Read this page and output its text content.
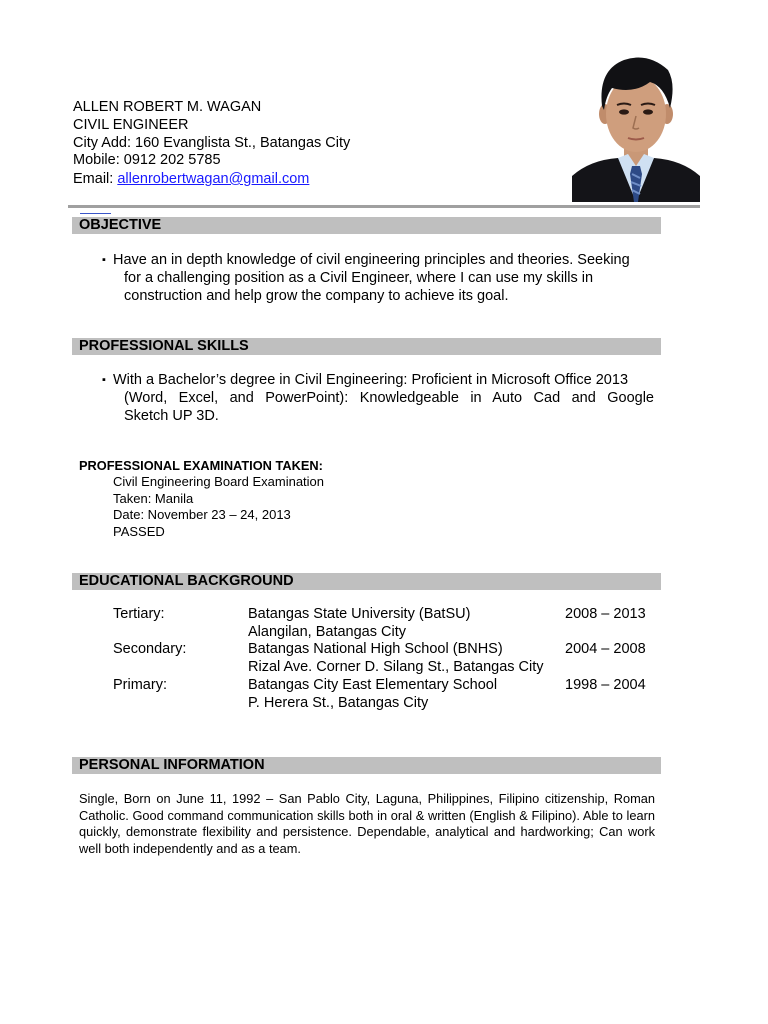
ALLEN ROBERT M. WAGAN
CIVIL ENGINEER
City Add: 160 Evanglista St., Batangas City
Mobile: 0912 202 5785
Email: allenrobertwagan@gmail.com
OBJECTIVE
▪ Have an in depth knowledge of civil engineering principles and theories. Seeking
for a challenging position as a Civil Engineer, where I can use my skills in
construction and help grow the company to achieve its goal.
PROFESSIONAL SKILLS
▪ With a Bachelor’s degree in Civil Engineering: Proficient in Microsoft Office 2013
(Word, Excel, and PowerPoint): Knowledgeable in Auto Cad and Google
Sketch UP 3D.
PROFESSIONAL EXAMINATION TAKEN:
Civil Engineering Board Examination
Taken: Manila
Date: November 23 – 24, 2013
PASSED
EDUCATIONAL BACKGROUND
Tertiary:	Batangas State University (BatSU)	2008 – 2013
Alangilan, Batangas City
Secondary:	Batangas National High School (BNHS)	2004 – 2008
Rizal Ave. Corner D. Silang St., Batangas City
Primary:	Batangas City East Elementary School	1998 – 2004
P. Herera St., Batangas City
PERSONAL INFORMATION
Single, Born on June 11, 1992 – San Pablo City, Laguna, Philippines, Filipino citizenship, Roman Catholic. Good command communication skills both in oral & written (English & Filipino). Able to learn quickly, demonstrate flexibility and persistence. Dependable, analytical and hardworking; Can work well both independently and as a team.
